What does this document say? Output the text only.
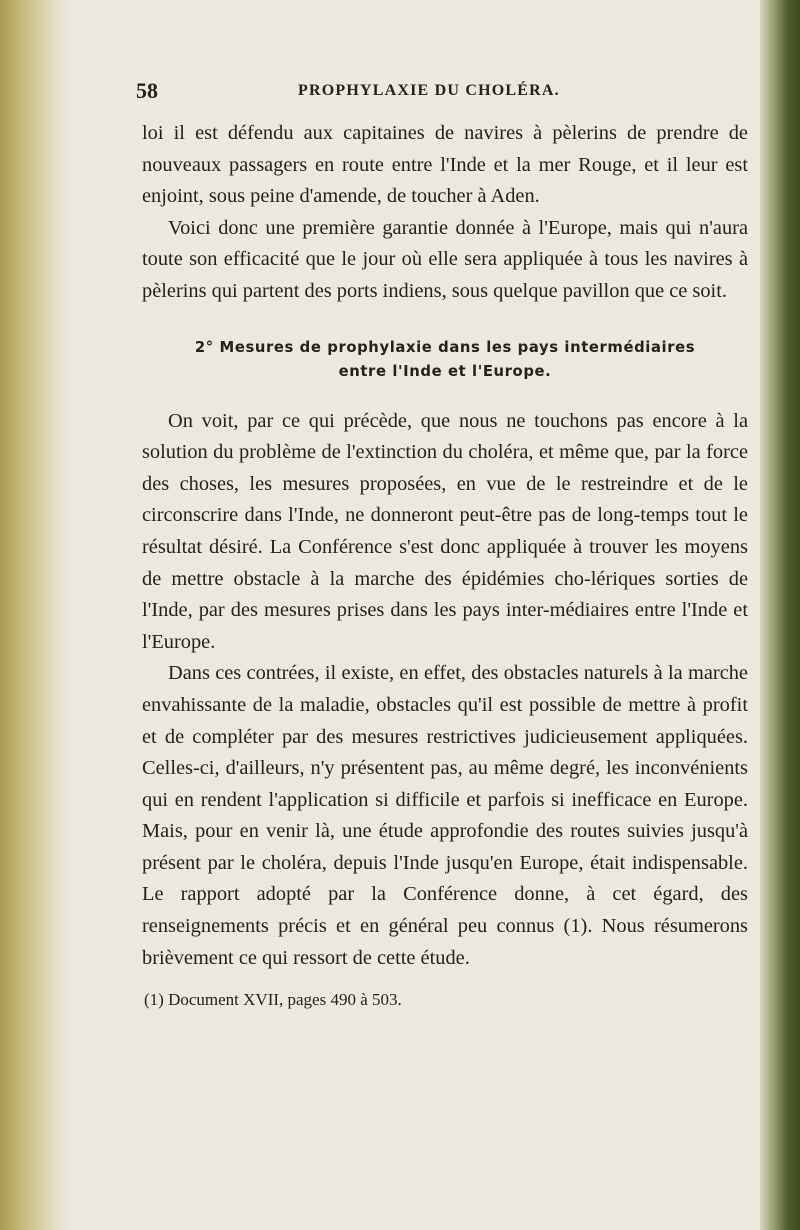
58	PROPHYLAXIE DU CHOLÉRA.

loi il est défendu aux capitaines de navires à pèlerins de prendre de nouveaux passagers en route entre l'Inde et la mer Rouge, et il leur est enjoint, sous peine d'amende, de toucher à Aden.

Voici donc une première garantie donnée à l'Europe, mais qui n'aura toute son efficacité que le jour où elle sera appliquée à tous les navires à pèlerins qui partent des ports indiens, sous quelque pavillon que ce soit.

2° Mesures de prophylaxie dans les pays intermédiaires
entre l'Inde et l'Europe.

On voit, par ce qui précède, que nous ne touchons pas encore à la solution du problème de l'extinction du choléra, et même que, par la force des choses, les mesures proposées, en vue de le restreindre et de le circonscrire dans l'Inde, ne donneront peut-être pas de long-temps tout le résultat désiré. La Conférence s'est donc appliquée à trouver les moyens de mettre obstacle à la marche des épidémies cho-lériques sorties de l'Inde, par des mesures prises dans les pays inter-médiaires entre l'Inde et l'Europe.

Dans ces contrées, il existe, en effet, des obstacles naturels à la marche envahissante de la maladie, obstacles qu'il est possible de mettre à profit et de compléter par des mesures restrictives judicieusement appliquées. Celles-ci, d'ailleurs, n'y présentent pas, au même degré, les inconvénients qui en rendent l'application si difficile et parfois si inefficace en Europe. Mais, pour en venir là, une étude approfondie des routes suivies jusqu'à présent par le choléra, depuis l'Inde jusqu'en Europe, était indispensable. Le rapport adopté par la Conférence donne, à cet égard, des renseignements précis et en général peu connus (1). Nous résumerons brièvement ce qui ressort de cette étude.

(1) Document XVII, pages 490 à 503.
